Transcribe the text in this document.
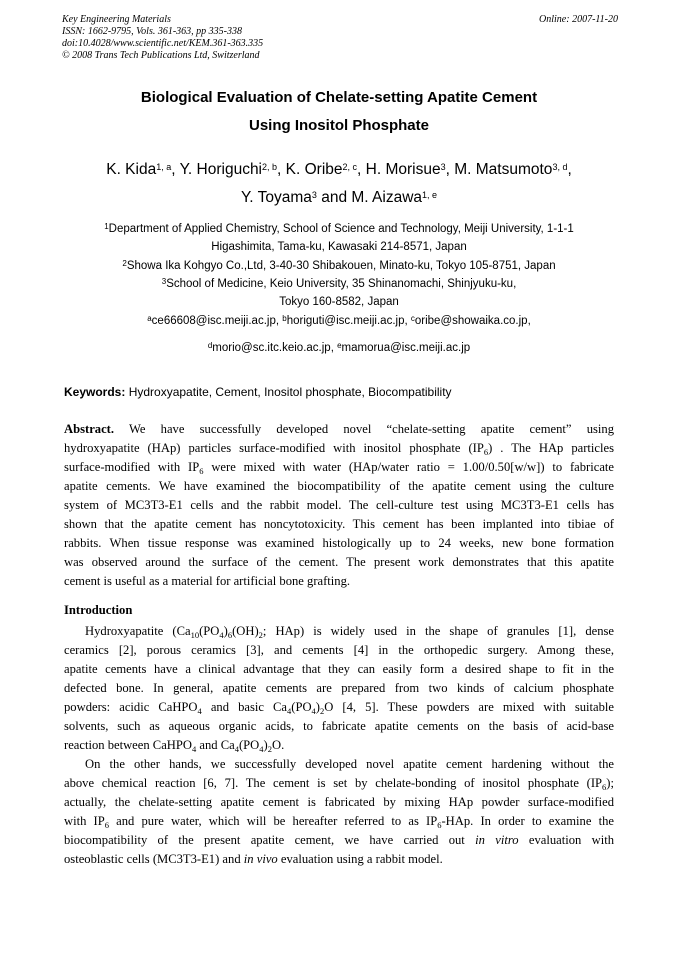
Key Engineering Materials
ISSN: 1662-9795, Vols. 361-363, pp 335-338
doi:10.4028/www.scientific.net/KEM.361-363.335
© 2008 Trans Tech Publications Ltd, Switzerland
Online: 2007-11-20
Biological Evaluation of Chelate-setting Apatite Cement
Using Inositol Phosphate
K. Kida$^{1, a}$, Y. Horiguchi$^{2, b}$, K. Oribe$^{2, c}$, H. Morisue$^3$, M. Matsumoto$^{3, d}$,
Y. Toyama$^3$ and M. Aizawa$^{1, e}$
$^1$Department of Applied Chemistry, School of Science and Technology, Meiji University, 1-1-1
Higashimita, Tama-ku, Kawasaki 214-8571, Japan
$^2$Showa Ika Kohgyo Co.,Ltd, 3-40-30 Shibakouen, Minato-ku, Tokyo 105-8751, Japan
$^3$School of Medicine, Keio University, 35 Shinanomachi, Shinjyuku-ku,
Tokyo 160-8582, Japan
$^a$ce66608@isc.meiji.ac.jp, $^b$horiguti@isc.meiji.ac.jp, $^c$oribe@showaika.co.jp,
$^d$morio@sc.itc.keio.ac.jp, $^e$mamorua@isc.meiji.ac.jp
Keywords: Hydroxyapatite, Cement, Inositol phosphate, Biocompatibility
Abstract. We have successfully developed novel “chelate-setting apatite cement” using
hydroxyapatite (HAp) particles surface-modified with inositol phosphate $(IP_6)$ . The HAp particles
surface-modified with $IP_6$ were mixed with water (HAp/water ratio = 1.00/0.50[w/w]) to fabricate
apatite cements. We have examined the biocompatibility of the apatite cement using the culture
system of MC3T3-E1 cells and the rabbit model. The cell-culture test using MC3T3-E1 cells has
shown that the apatite cement has noncytotoxicity. This cement has been implanted into tibiae of
rabbits. When tissue response was examined histologically up to 24 weeks, new bone formation
was observed around the surface of the cement. The present work demonstrates that this apatite
cement is useful as a material for artificial bone grafting.
Introduction
Hydroxyapatite ($Ca_{10}(PO_4)_6(OH)_2$; HAp) is widely used in the shape of granules [1], dense
ceramics [2], porous ceramics [3], and cements [4] in the orthopedic surgery. Among these,
apatite cements have a clinical advantage that they can easily form a desired shape to fit in the
defected bone. In general, apatite cements are prepared from two kinds of calcium phosphate
powders: acidic CaHPO$_4$ and basic $Ca_4(PO_4)_2O$ [4, 5]. These powders are mixed with suitable
solvents, such as aqueous organic acids, to fabricate apatite cements on the basis of acid-base
reaction between CaHPO$_4$ and $Ca_4(PO_4)_2O$.
On the other hands, we successfully developed novel apatite cement hardening without the
above chemical reaction [6, 7]. The cement is set by chelate-bonding of inositol phosphate $(IP_6)$;
actually, the chelate-setting apatite cement is fabricated by mixing HAp powder surface-modified
with $IP_6$ and pure water, which will be hereafter referred to as $IP_6$-HAp. In order to examine the
biocompatibility of the present apatite cement, we have carried out in vitro evaluation with
osteoblastic cells (MC3T3-E1) and in vivo evaluation using a rabbit model.
